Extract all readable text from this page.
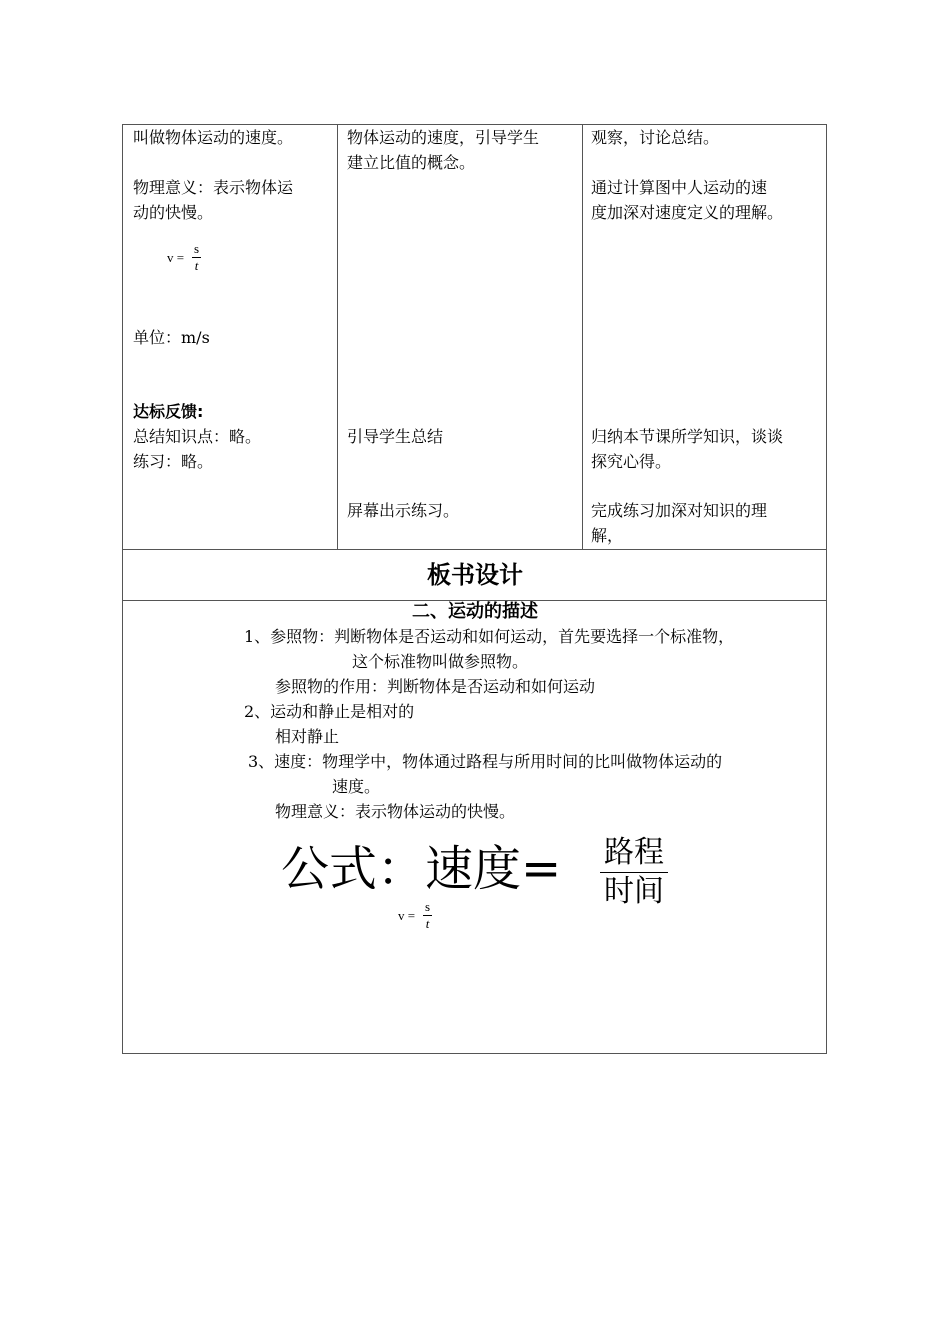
叫做物体运动的速度。
物理意义：表示物体运
动的快慢。
v =
s
t
单位：m/s
达标反馈:
总结知识点：略。
练习：略。
物体运动的速度，引导学生
建立比值的概念。
引导学生总结
屏幕出示练习。
观察，讨论总结。
通过计算图中人运动的速
度加深对速度定义的理解。
归纳本节课所学知识，谈谈
探究心得。
完成练习加深对知识的理
解，
板书设计
二、运动的描述
1、参照物：判断物体是否运动和如何运动，首先要选择一个标准物，
这个标准物叫做参照物。
参照物的作用：判断物体是否运动和如何运动
2、运动和静止是相对的
相对静止
3、速度：物理学中，物体通过路程与所用时间的比叫做物体运动的
速度。
物理意义：表示物体运动的快慢。
公式：速度= 路程
时间
v =
s
t
